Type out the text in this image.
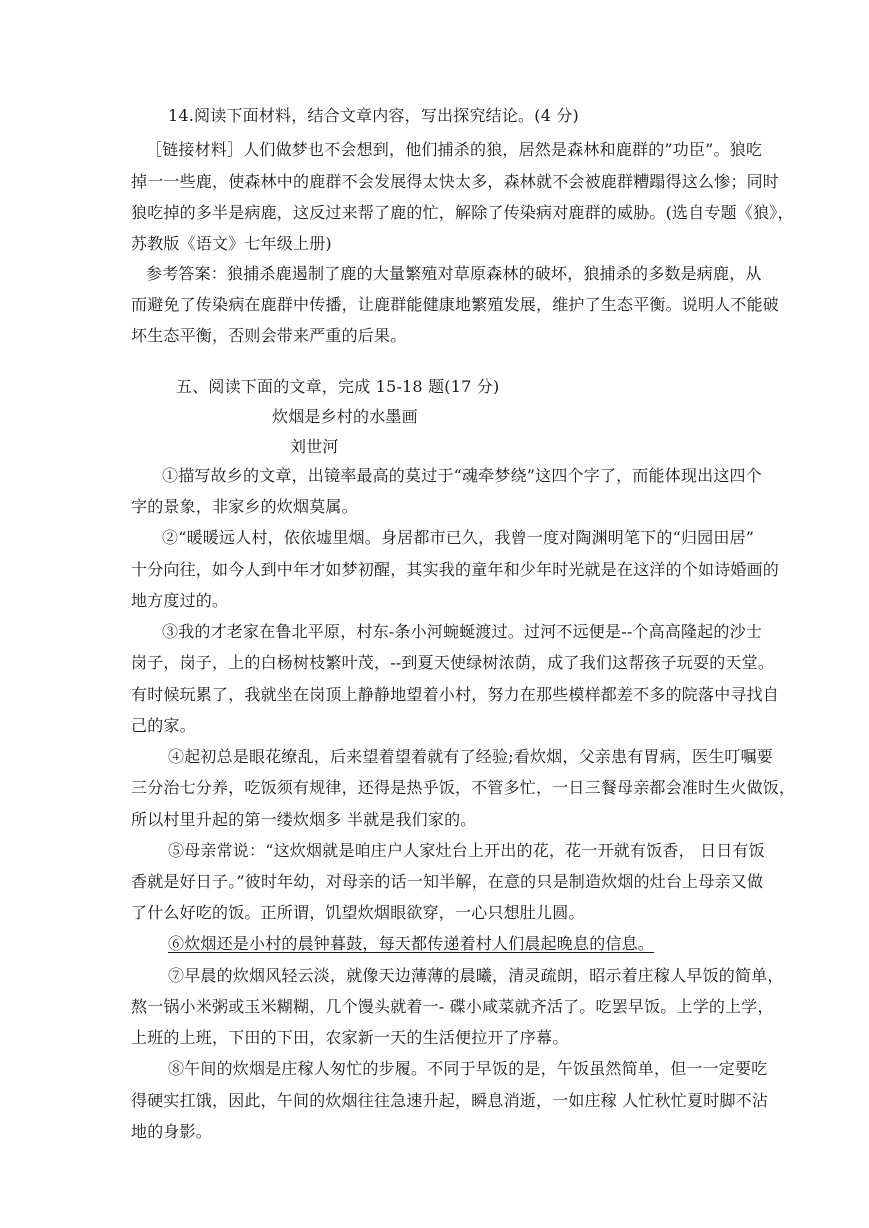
14.阅读下面材料，结合文章内容，写出探究结论。(4 分)
［链接材料］人们做梦也不会想到，他们捕杀的狼，居然是森林和鹿群的”功臣”。狼吃
掉一一些鹿，使森林中的鹿群不会发展得太快太多，森林就不会被鹿群糟蹋得这么惨；同时
狼吃掉的多半是病鹿，这反过来帮了鹿的忙，解除了传染病对鹿群的威胁。(选自专题《狼》，
苏教版《语文》七年级上册)
参考答案：狼捕杀鹿遏制了鹿的大量繁殖对草原森林的破坏，狼捕杀的多数是病鹿，从
而避免了传染病在鹿群中传播，让鹿群能健康地繁殖发展，维护了生态平衡。说明人不能破
坏生态平衡，否则会带来严重的后果。
五、阅读下面的文章，完成 15-18 题(17 分)
炊烟是乡村的水墨画
刘世河
①描写故乡的文章，出镜率最高的莫过于“魂牵梦绕”这四个字了，而能体现出这四个
字的景象，非家乡的炊烟莫属。
②“暖暖远人村，依依墟里烟。身居都市已久，我曾一度对陶渊明笔下的“归园田居”
十分向往，如今人到中年才如梦初醒，其实我的童年和少年时光就是在这洋的个如诗婚画的
地方度过的。
③我的才老家在鲁北平原，村东-条小河蜿蜒渡过。过河不远便是--个高高隆起的沙士
岗子，岗子，上的白杨树枝繁叶茂，--到夏天使绿树浓荫，成了我们这帮孩子玩耍的天堂。
有时候玩累了，我就坐在岗顶上静静地望着小村，努力在那些模样都差不多的院落中寻找自
己的家。
④起初总是眼花缭乱，后来望着望着就有了经验;看炊烟，父亲患有胃病，医生叮嘱要
三分治七分养，吃饭须有规律，还得是热乎饭，不管多忙，一日三餐母亲都会准时生火做饭，
所以村里升起的第一缕炊烟多 半就是我们家的。
⑤母亲常说：“这炊烟就是咱庄户人家灶台上开出的花，花一开就有饭香， 日日有饭
香就是好日子。”彼时年幼，对母亲的话一知半解，在意的只是制造炊烟的灶台上母亲又做
了什么好吃的饭。正所谓，饥望炊烟眼欲穿，一心只想肚儿圆。
⑥炊烟还是小村的晨钟暮鼓，每天都传递着村人们晨起晚息的信息。
⑦早晨的炊烟风轻云淡，就像天边薄薄的晨曦，清灵疏朗，昭示着庄稼人早饭的简单，
熬一锅小米粥或玉米糊糊，几个馒头就着一- 碟小咸菜就齐活了。吃罢早饭。上学的上学，
上班的上班，下田的下田，农家新一天的生活便拉开了序幕。
⑧午间的炊烟是庄稼人匆忙的步履。不同于早饭的是，午饭虽然简单，但一一定要吃
得硬实扛饿，因此，午间的炊烟往往急速升起，瞬息消逝，一如庄稼 人忙秋忙夏时脚不沾
地的身影。
